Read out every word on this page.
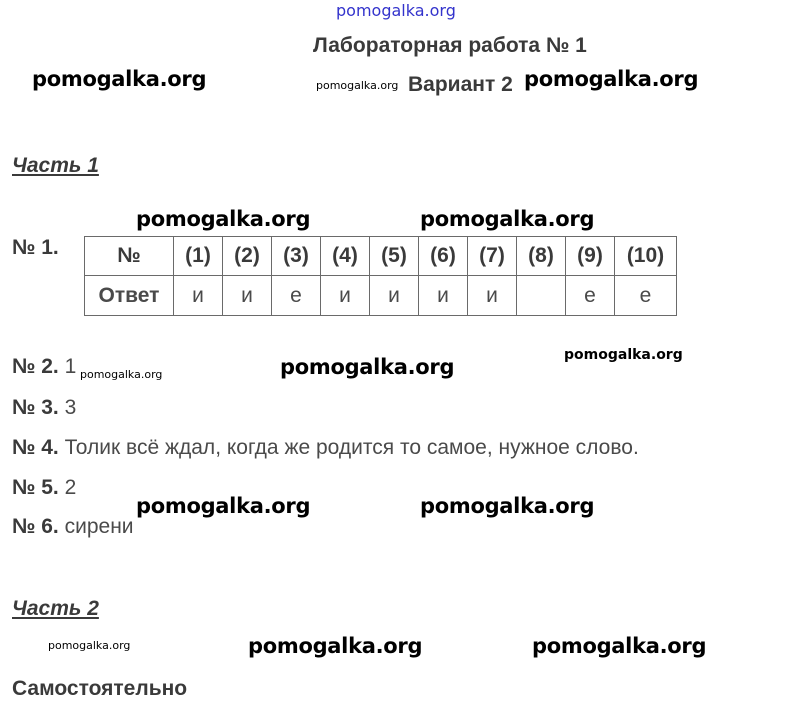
pomogalka.org
Лабораторная работа № 1
pomogalka.org	pomogalka.org Вариант 2 pomogalka.org
Часть 1
pomogalka.org	pomogalka.org
№ 1.	№	(1)	(2)	(3)	(4)	(5)	(6)	(7)	(8)	(9)	(10)
Ответ	и	и	е	и	и	и	и		е	е
pomogalka.org
№ 2. 1 pomogalka.org	pomogalka.org
№ 3. 3
№ 4. Толик всё ждал, когда же родится то самое, нужное слово.
№ 5. 2
№ 6. сирени
pomogalka.org	pomogalka.org
Часть 2
pomogalka.org	pomogalka.org	pomogalka.org
Самостоятельно
